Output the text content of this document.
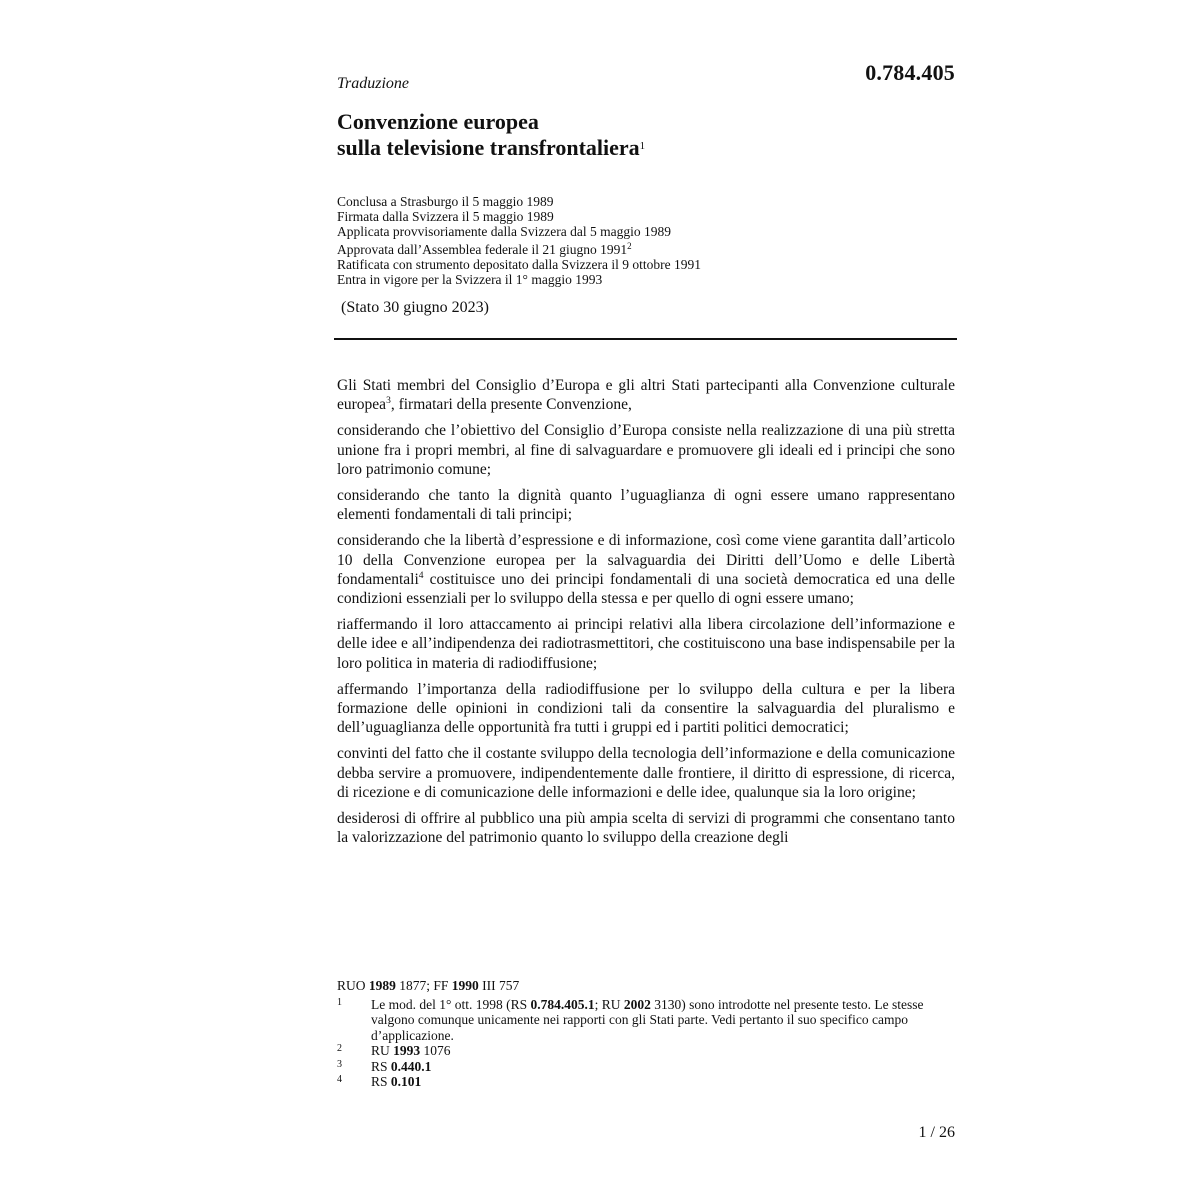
0.784.405
Traduzione
Convenzione europea
sulla televisione transfrontaliera$^1$
Conclusa a Strasburgo il 5 maggio 1989
Firmata dalla Svizzera il 5 maggio 1989
Applicata provvisoriamente dalla Svizzera dal 5 maggio 1989
Approvata dall’Assemblea federale il 21 giugno 1991$^2$
Ratificata con strumento depositato dalla Svizzera il 9 ottobre 1991
Entra in vigore per la Svizzera il 1° maggio 1993
(Stato 30 giugno 2023)

Gli Stati membri del Consiglio d’Europa e gli altri Stati partecipanti alla Convenzione culturale europea$^3$, firmatari della presente Convenzione,

considerando che l’obiettivo del Consiglio d’Europa consiste nella realizzazione di una più stretta unione fra i propri membri, al fine di salvaguardare e promuovere gli ideali ed i principi che sono loro patrimonio comune;

considerando che tanto la dignità quanto l’uguaglianza di ogni essere umano rappresentano elementi fondamentali di tali principi;

considerando che la libertà d’espressione e di informazione, così come viene garantita dall’articolo 10 della Convenzione europea per la salvaguardia dei Diritti dell’Uomo e delle Libertà fondamentali$^4$ costituisce uno dei principi fondamentali di una società democratica ed una delle condizioni essenziali per lo sviluppo della stessa e per quello di ogni essere umano;

riaffermando il loro attaccamento ai principi relativi alla libera circolazione dell’informazione e delle idee e all’indipendenza dei radiotrasmettitori, che costituiscono una base indispensabile per la loro politica in materia di radiodiffusione;

affermando l’importanza della radiodiffusione per lo sviluppo della cultura e per la libera formazione delle opinioni in condizioni tali da consentire la salvaguardia del pluralismo e dell’uguaglianza delle opportunità fra tutti i gruppi ed i partiti politici democratici;

convinti del fatto che il costante sviluppo della tecnologia dell’informazione e della comunicazione debba servire a promuovere, indipendentemente dalle frontiere, il diritto di espressione, di ricerca, di ricezione e di comunicazione delle informazioni e delle idee, qualunque sia la loro origine;

desiderosi di offrire al pubblico una più ampia scelta di servizi di programmi che consentano tanto la valorizzazione del patrimonio quanto lo sviluppo della creazione degli

RUO 1989 1877; FF 1990 III 757
1	Le mod. del 1° ott. 1998 (RS 0.784.405.1; RU 2002 3130) sono introdotte nel presente testo. Le stesse valgono comunque unicamente nei rapporti con gli Stati parte. Vedi pertanto il suo specifico campo d’applicazione.
2	RU 1993 1076
3	RS 0.440.1
4	RS 0.101
1 / 26
